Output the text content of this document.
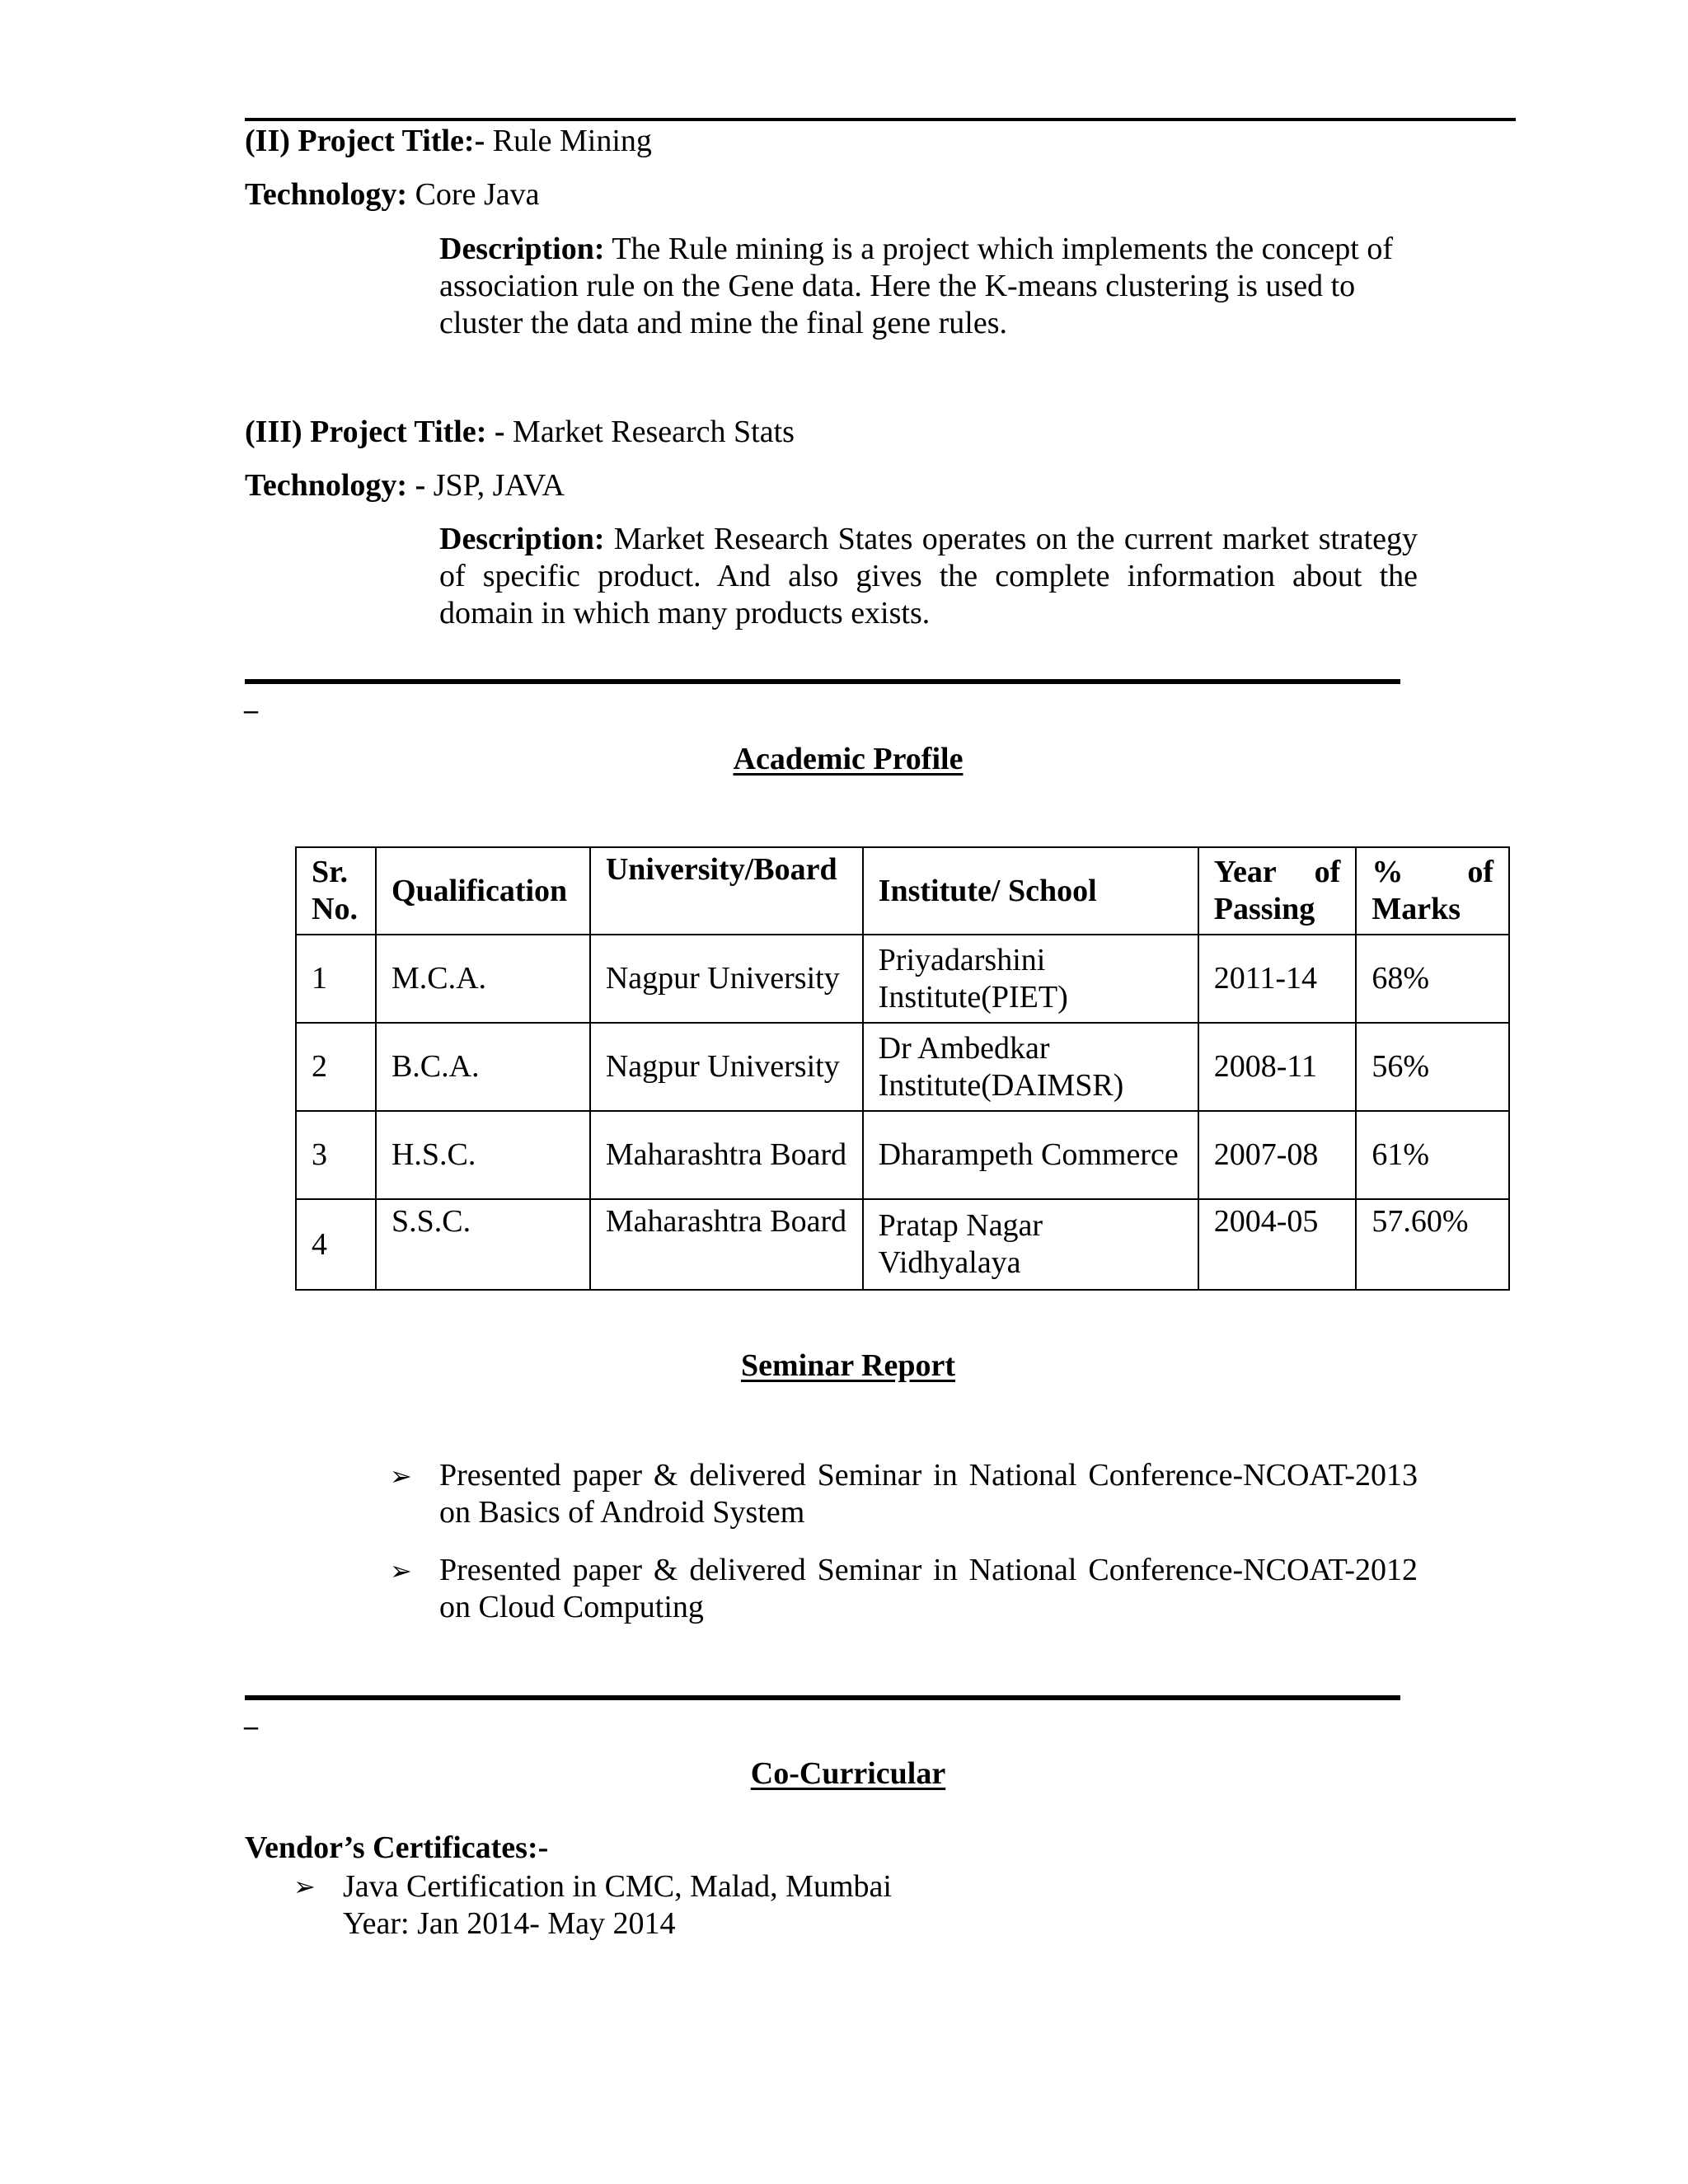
(II) Project Title:- Rule Mining
Technology: Core Java
Description: The Rule mining is a project which implements the concept of association rule on the Gene data. Here the K-means clustering is used to cluster the data and mine the final gene rules.
(III) Project Title: - Market Research Stats
Technology: - JSP, JAVA
Description: Market Research States operates on the current market strategy of specific product. And also gives the complete information about the domain in which many products exists.
–
Academic Profile
Sr. No.	Qualification	University/Board	Institute/ School	Year of Passing	% of Marks
1	M.C.A.	Nagpur University	Priyadarshini Institute(PIET)	2011-14	68%
2	B.C.A.	Nagpur University	Dr Ambedkar Institute(DAIMSR)	2008-11	56%
3	H.S.C.	Maharashtra Board	Dharampeth Commerce	2007-08	61%
4	S.S.C.	Maharashtra Board	Pratap Nagar Vidhyalaya	2004-05	57.60%
Seminar Report
➢ Presented paper & delivered Seminar in National Conference-NCOAT-2013 on Basics of Android System
➢ Presented paper & delivered Seminar in National Conference-NCOAT-2012 on Cloud Computing
–
Co-Curricular
Vendor’s Certificates:-
➢ Java Certification in CMC, Malad, Mumbai
Year: Jan 2014- May 2014
